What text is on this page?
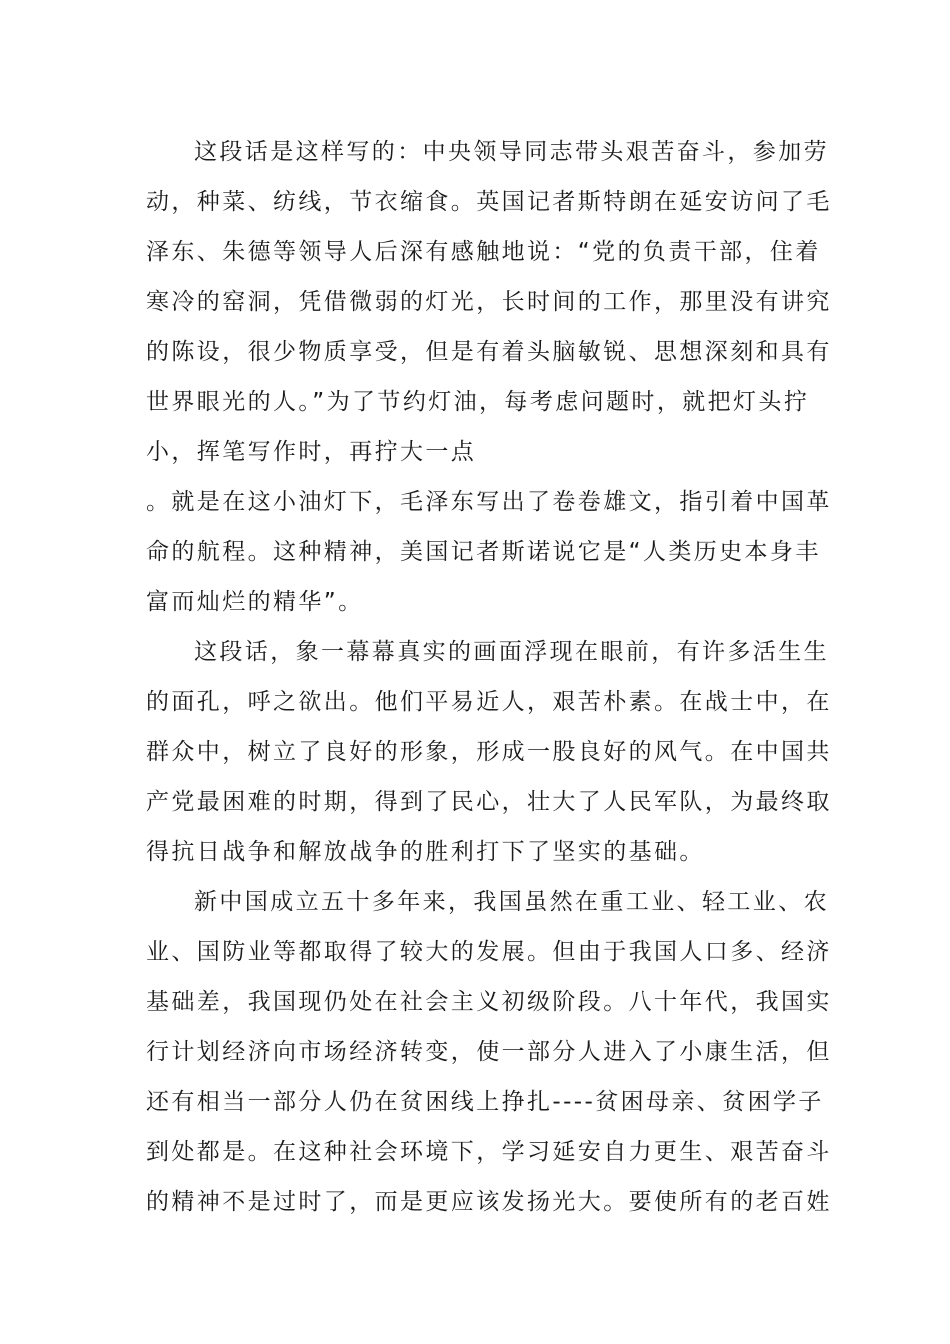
这段话是这样写的：中央领导同志带头艰苦奋斗，参加劳
动，种菜、纺线，节衣缩食。英国记者斯特朗在延安访问了毛
泽东、朱德等领导人后深有感触地说：“党的负责干部，住着
寒冷的窑洞，凭借微弱的灯光，长时间的工作，那里没有讲究
的陈设，很少物质享受，但是有着头脑敏锐、思想深刻和具有
世界眼光的人。”为了节约灯油，每考虑问题时，就把灯头拧
小，挥笔写作时，再拧大一点
。就是在这小油灯下，毛泽东写出了卷卷雄文，指引着中国革
命的航程。这种精神，美国记者斯诺说它是“人类历史本身丰
富而灿烂的精华”。
这段话，象一幕幕真实的画面浮现在眼前，有许多活生生
的面孔，呼之欲出。他们平易近人，艰苦朴素。在战士中，在
群众中，树立了良好的形象，形成一股良好的风气。在中国共
产党最困难的时期，得到了民心，壮大了人民军队，为最终取
得抗日战争和解放战争的胜利打下了坚实的基础。
新中国成立五十多年来，我国虽然在重工业、轻工业、农
业、国防业等都取得了较大的发展。但由于我国人口多、经济
基础差，我国现仍处在社会主义初级阶段。八十年代，我国实
行计划经济向市场经济转变，使一部分人进入了小康生活，但
还有相当一部分人仍在贫困线上挣扎----贫困母亲、贫困学子
到处都是。在这种社会环境下，学习延安自力更生、艰苦奋斗
的精神不是过时了，而是更应该发扬光大。要使所有的老百姓
